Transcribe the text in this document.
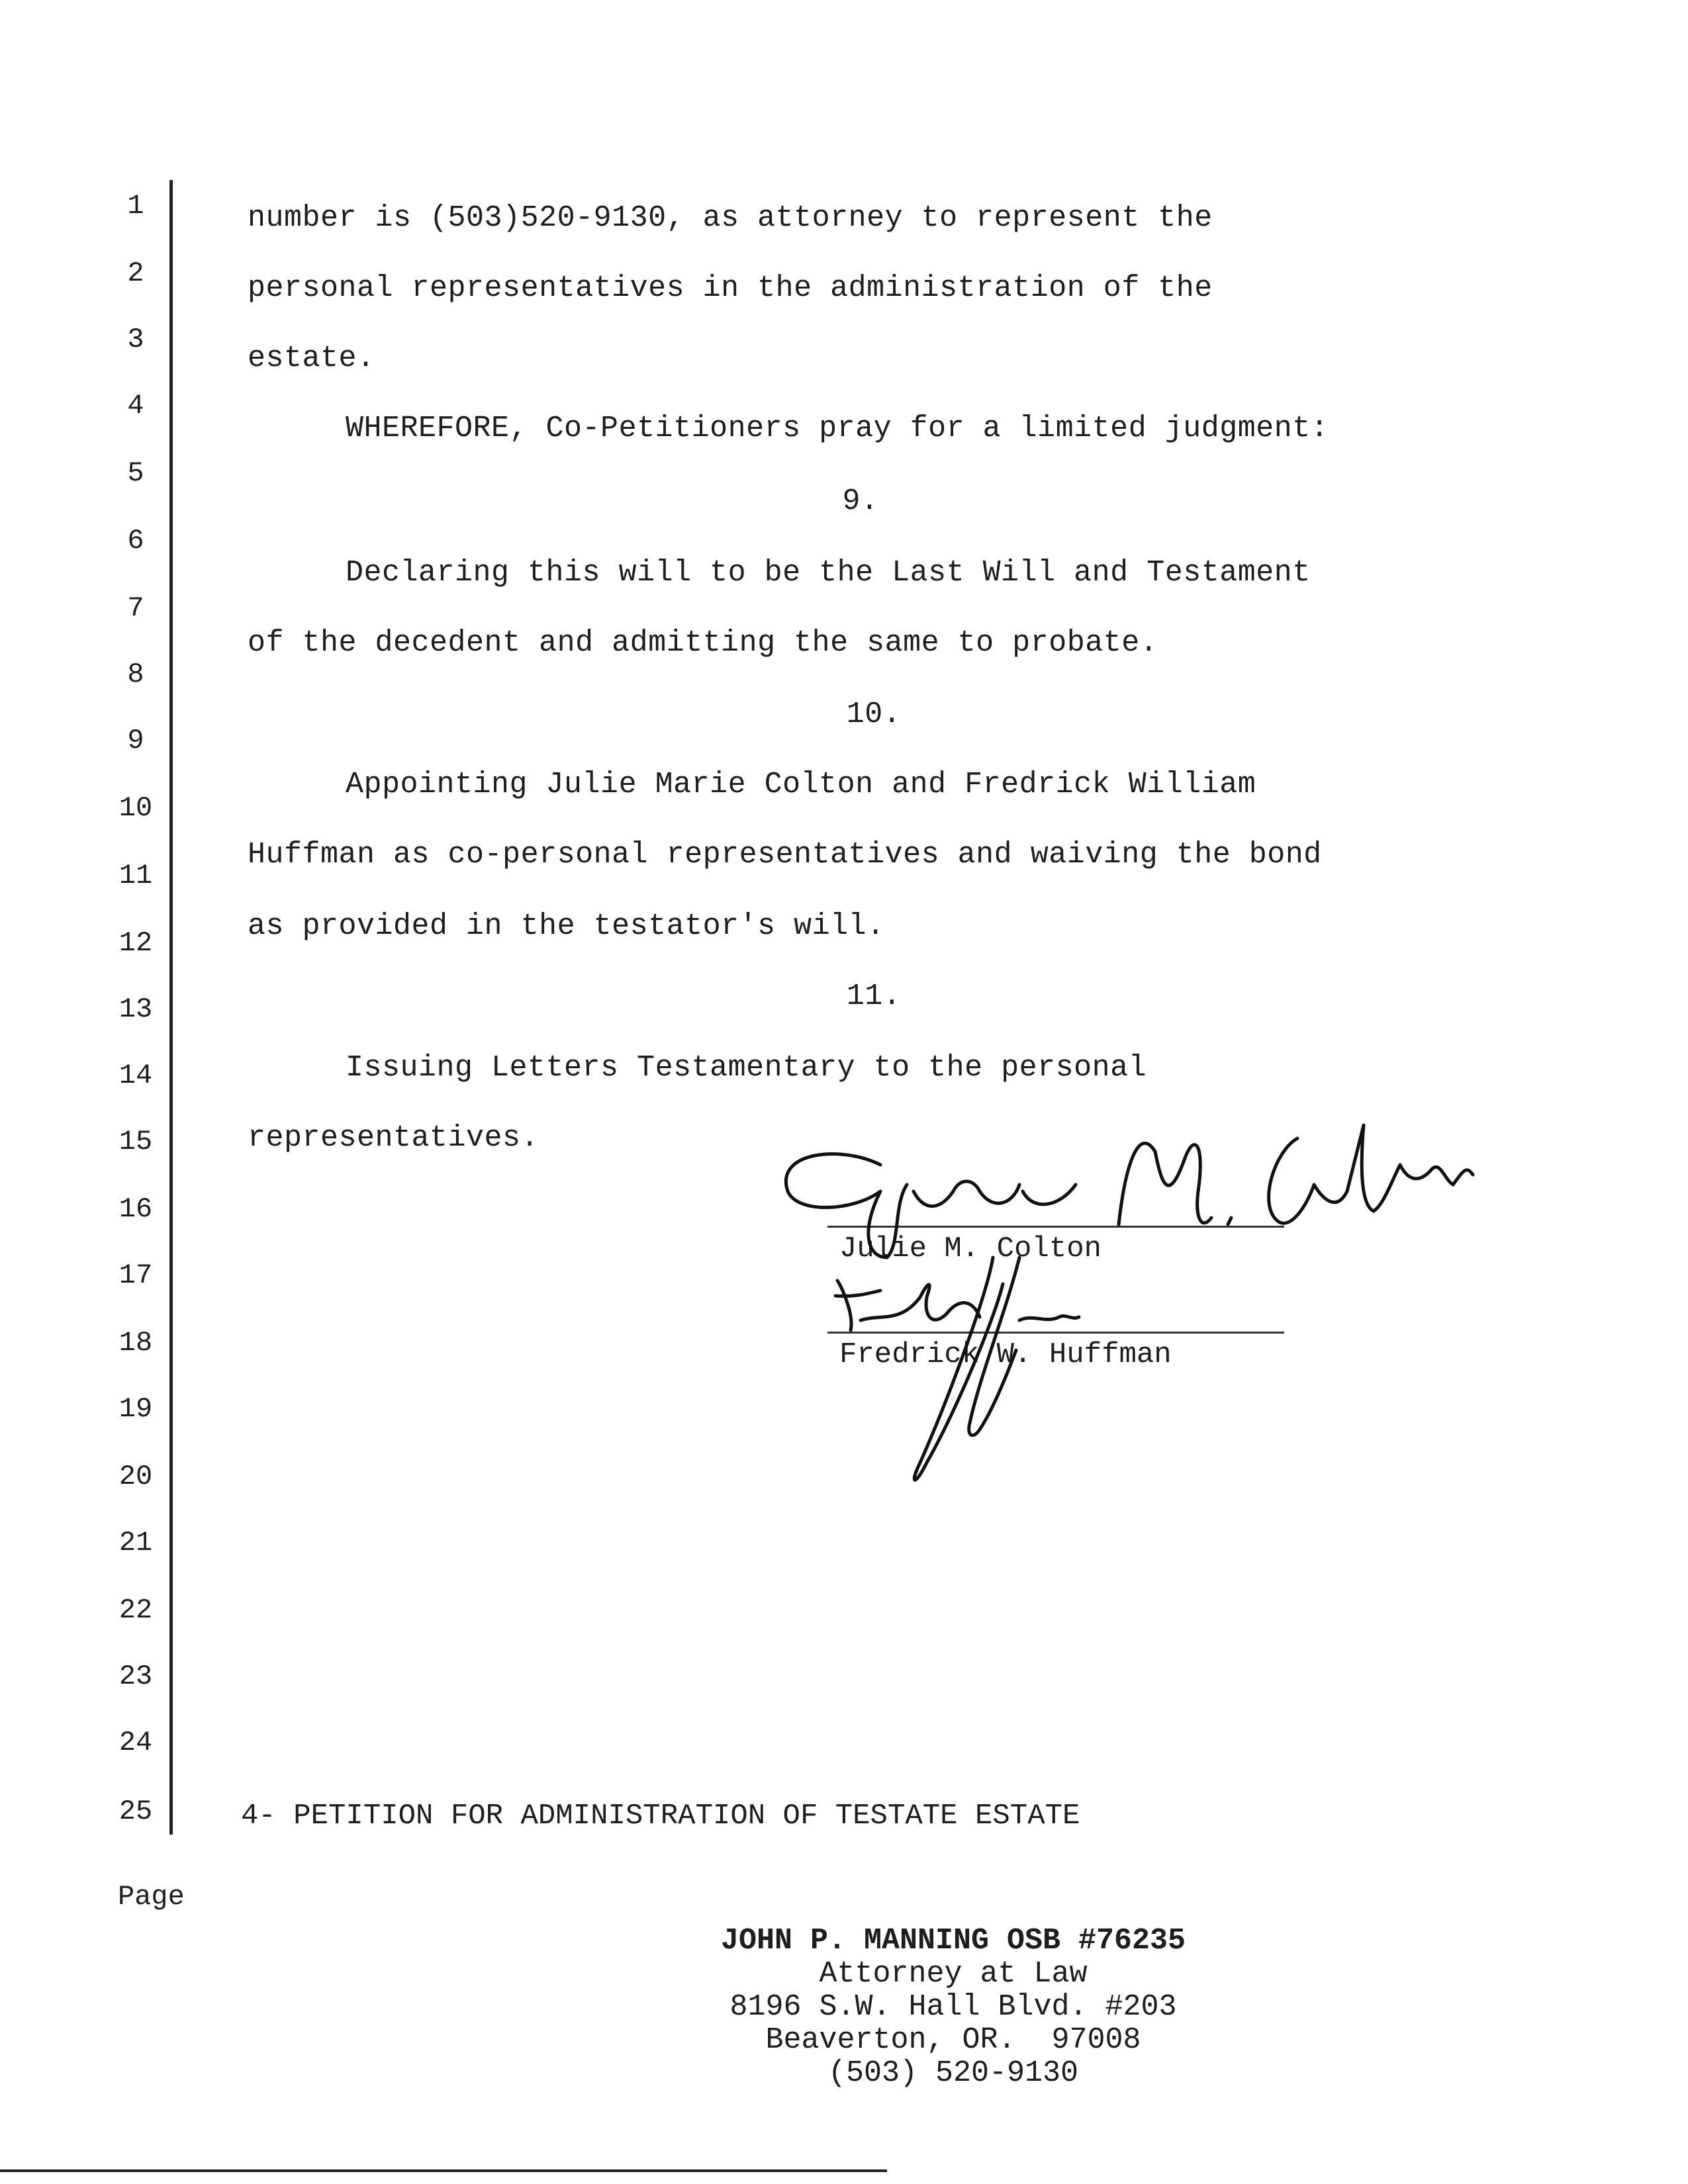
1
2
3
4
5
6
7
8
9
10
11
12
13
14
15
16
17
18
19
20
21
22
23
24
25
number is (503)520-9130, as attorney to represent the
personal representatives in the administration of the
estate.
WHEREFORE, Co-Petitioners pray for a limited judgment:
9.
Declaring this will to be the Last Will and Testament
of the decedent and admitting the same to probate.
10.
Appointing Julie Marie Colton and Fredrick William
Huffman as co-personal representatives and waiving the bond
as provided in the testator's will.
11.
Issuing Letters Testamentary to the personal
representatives.
Julie M. Colton
Fredrick W. Huffman
4- PETITION FOR ADMINISTRATION OF TESTATE ESTATE
Page
JOHN P. MANNING OSB #76235
Attorney at Law
8196 S.W. Hall Blvd. #203
Beaverton, OR.  97008
(503) 520-9130
